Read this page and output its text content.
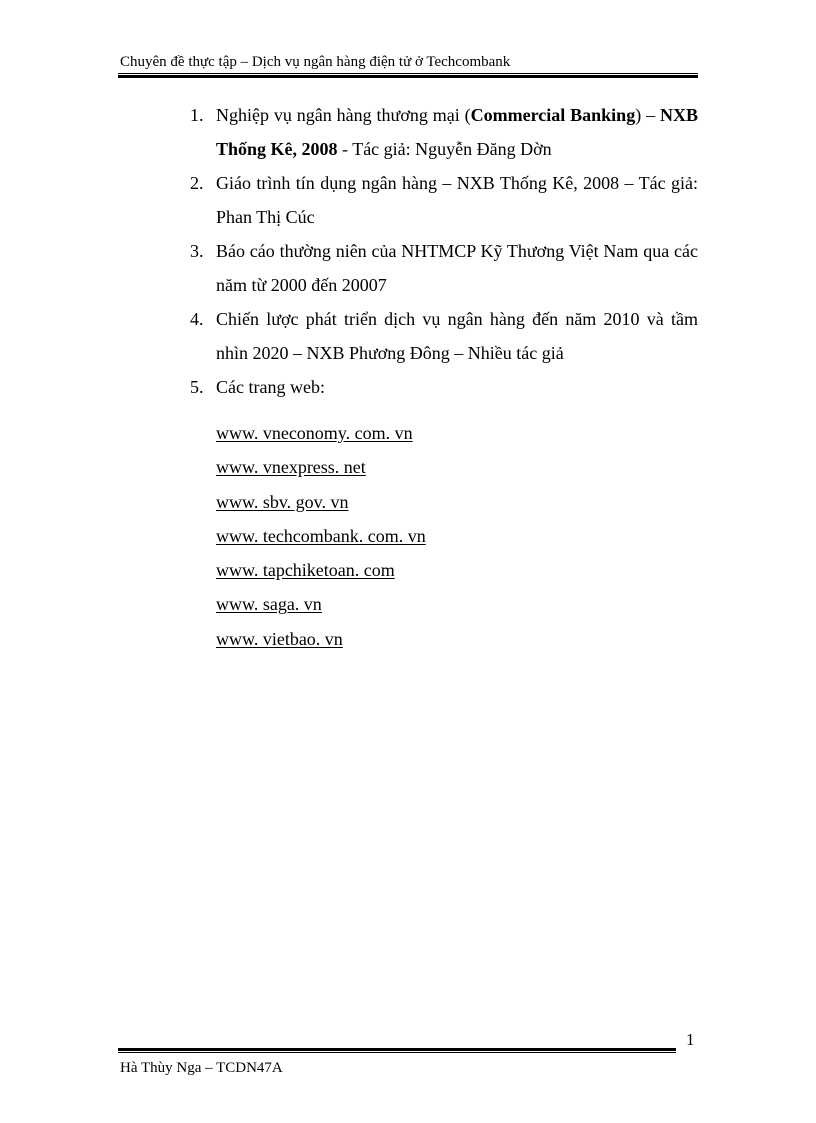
Chuyên đề thực tập – Dịch vụ ngân hàng điện tử ở Techcombank
1. Nghiệp vụ ngân hàng thương mại (Commercial Banking) – NXB Thống Kê, 2008 - Tác giả: Nguyễn Đăng Dờn
2. Giáo trình tín dụng ngân hàng – NXB Thống Kê, 2008 – Tác giả: Phan Thị Cúc
3. Báo cáo thường niên của NHTMCP Kỹ Thương Việt Nam qua các năm từ 2000 đến 20007
4. Chiến lược phát triển dịch vụ ngân hàng đến năm 2010 và tầm nhìn 2020 – NXB Phương Đông – Nhiều tác giả
5. Các trang web:
www. vneconomy. com. vn
www. vnexpress. net
www. sbv. gov. vn
www. techcombank. com. vn
www. tapchiketoan. com
www. saga. vn
www. vietbao. vn
1
Hà Thùy Nga – TCDN47A
